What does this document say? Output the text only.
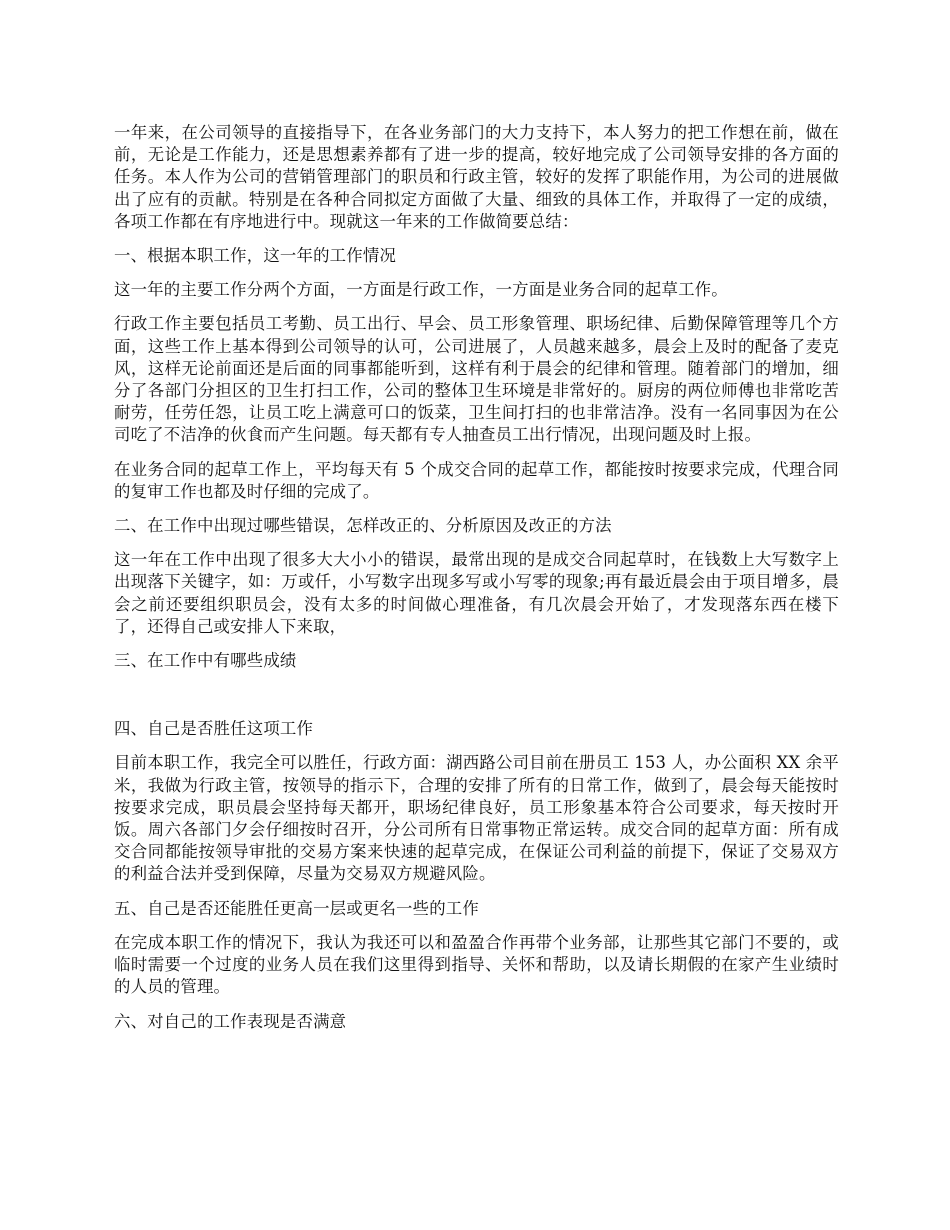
一年来，在公司领导的直接指导下，在各业务部门的大力支持下，本人努力的把工作想在前，做在前，无论是工作能力，还是思想素养都有了进一步的提高，较好地完成了公司领导安排的各方面的任务。本人作为公司的营销管理部门的职员和行政主管，较好的发挥了职能作用，为公司的进展做出了应有的贡献。特别是在各种合同拟定方面做了大量、细致的具体工作，并取得了一定的成绩，各项工作都在有序地进行中。现就这一年来的工作做简要总结：

一、根据本职工作，这一年的工作情况

这一年的主要工作分两个方面，一方面是行政工作，一方面是业务合同的起草工作。

行政工作主要包括员工考勤、员工出行、早会、员工形象管理、职场纪律、后勤保障管理等几个方面，这些工作上基本得到公司领导的认可，公司进展了，人员越来越多，晨会上及时的配备了麦克风，这样无论前面还是后面的同事都能听到，这样有利于晨会的纪律和管理。随着部门的增加，细分了各部门分担区的卫生打扫工作，公司的整体卫生环境是非常好的。厨房的两位师傅也非常吃苦耐劳，任劳任怨，让员工吃上满意可口的饭菜，卫生间打扫的也非常洁净。没有一名同事因为在公司吃了不洁净的伙食而产生问题。每天都有专人抽查员工出行情况，出现问题及时上报。

在业务合同的起草工作上，平均每天有 5 个成交合同的起草工作，都能按时按要求完成，代理合同的复审工作也都及时仔细的完成了。

二、在工作中出现过哪些错误，怎样改正的、分析原因及改正的方法

这一年在工作中出现了很多大大小小的错误，最常出现的是成交合同起草时，在钱数上大写数字上出现落下关键字，如：万或仟，小写数字出现多写或小写零的现象;再有最近晨会由于项目增多，晨会之前还要组织职员会，没有太多的时间做心理准备，有几次晨会开始了，才发现落东西在楼下了，还得自己或安排人下来取，

三、在工作中有哪些成绩

四、自己是否胜任这项工作

目前本职工作，我完全可以胜任，行政方面：湖西路公司目前在册员工 153 人，办公面积 XX 余平米，我做为行政主管，按领导的指示下，合理的安排了所有的日常工作，做到了，晨会每天能按时按要求完成，职员晨会坚持每天都开，职场纪律良好，员工形象基本符合公司要求，每天按时开饭。周六各部门夕会仔细按时召开，分公司所有日常事物正常运转。成交合同的起草方面：所有成交合同都能按领导审批的交易方案来快速的起草完成，在保证公司利益的前提下，保证了交易双方的利益合法并受到保障，尽量为交易双方规避风险。

五、自己是否还能胜任更高一层或更名一些的工作

在完成本职工作的情况下，我认为我还可以和盈盈合作再带个业务部，让那些其它部门不要的，或临时需要一个过度的业务人员在我们这里得到指导、关怀和帮助，以及请长期假的在家产生业绩时的人员的管理。

六、对自己的工作表现是否满意
